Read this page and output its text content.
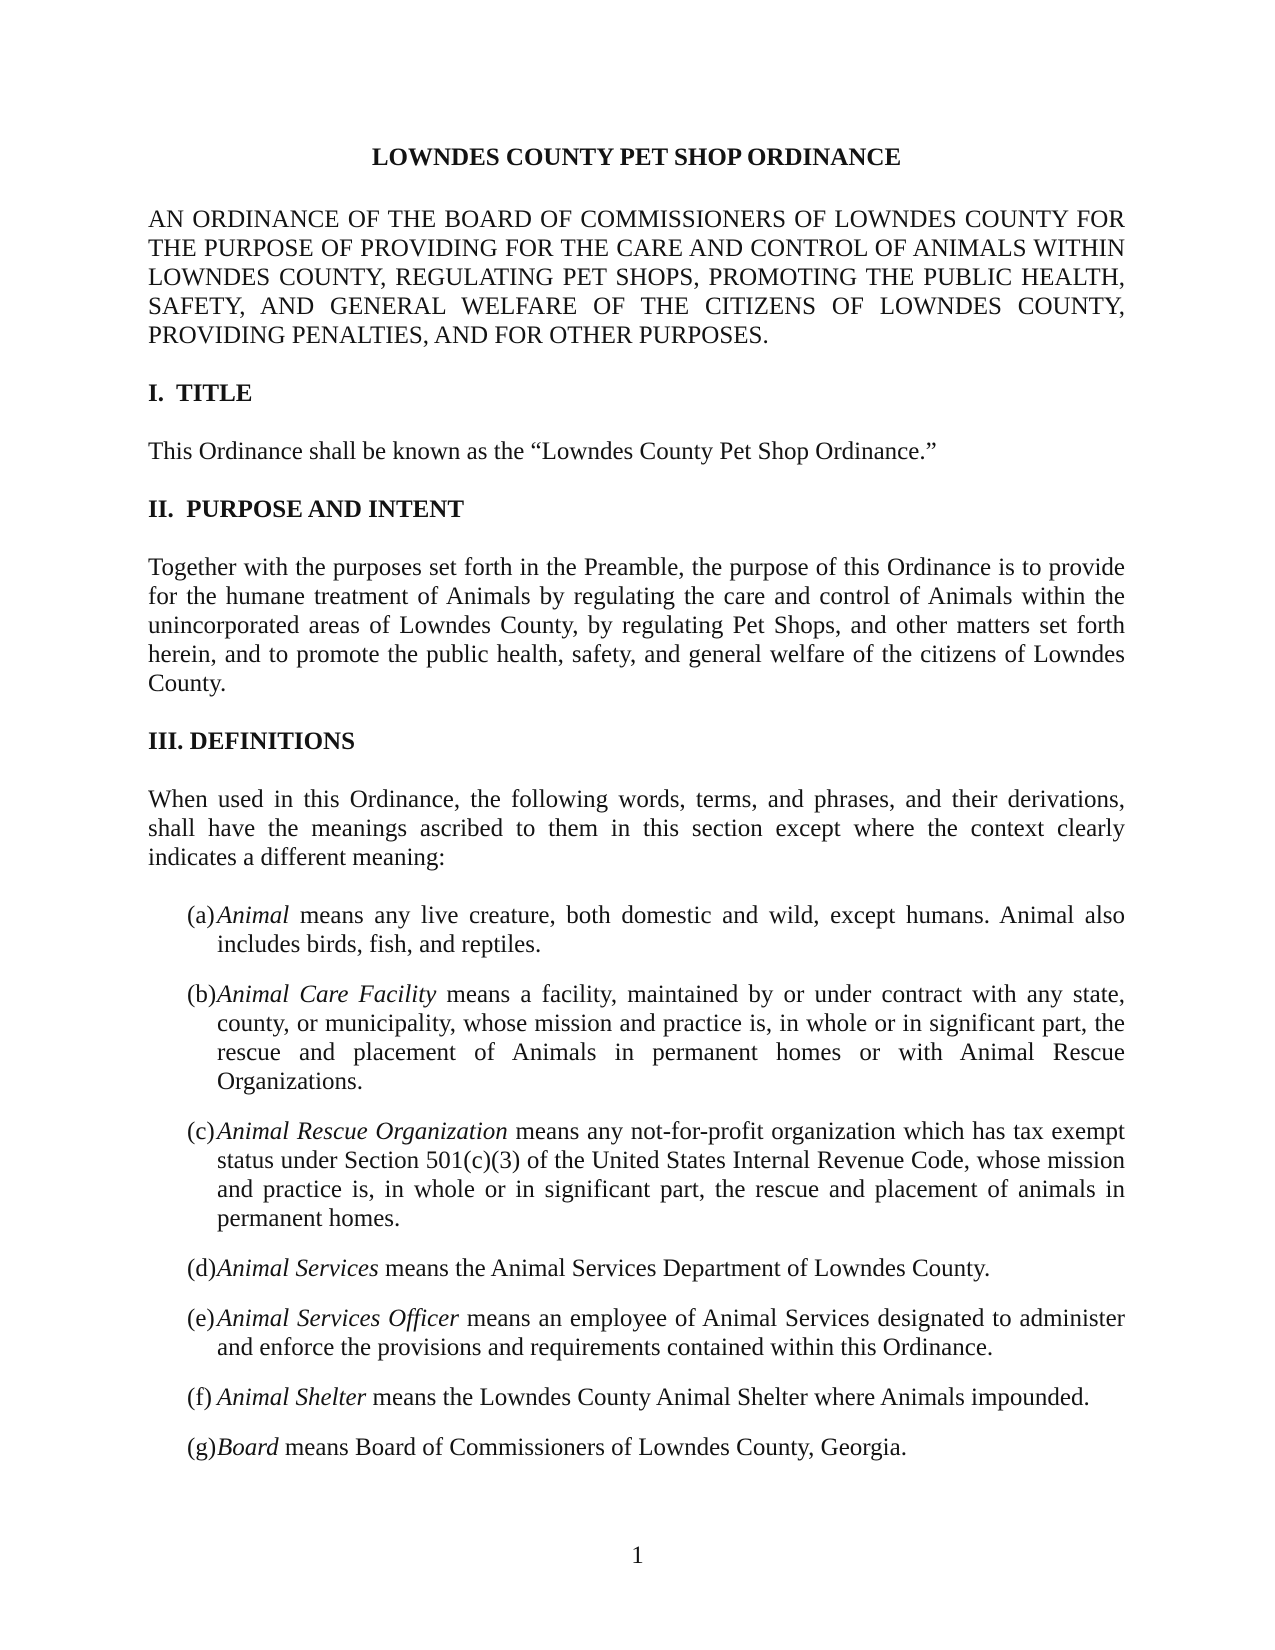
LOWNDES COUNTY PET SHOP ORDINANCE

AN ORDINANCE OF THE BOARD OF COMMISSIONERS OF LOWNDES COUNTY FOR THE PURPOSE OF PROVIDING FOR THE CARE AND CONTROL OF ANIMALS WITHIN LOWNDES COUNTY, REGULATING PET SHOPS, PROMOTING THE PUBLIC HEALTH, SAFETY, AND GENERAL WELFARE OF THE CITIZENS OF LOWNDES COUNTY, PROVIDING PENALTIES, AND FOR OTHER PURPOSES.

I.  TITLE

This Ordinance shall be known as the “Lowndes County Pet Shop Ordinance.”

II.  PURPOSE AND INTENT

Together with the purposes set forth in the Preamble, the purpose of this Ordinance is to provide for the humane treatment of Animals by regulating the care and control of Animals within the unincorporated areas of Lowndes County, by regulating Pet Shops, and other matters set forth herein, and to promote the public health, safety, and general welfare of the citizens of Lowndes County.

III. DEFINITIONS

When used in this Ordinance, the following words, terms, and phrases, and their derivations, shall have the meanings ascribed to them in this section except where the context clearly indicates a different meaning:

(a) Animal means any live creature, both domestic and wild, except humans. Animal also includes birds, fish, and reptiles.
(b) Animal Care Facility means a facility, maintained by or under contract with any state, county, or municipality, whose mission and practice is, in whole or in significant part, the rescue and placement of Animals in permanent homes or with Animal Rescue Organizations.
(c) Animal Rescue Organization means any not-for-profit organization which has tax exempt status under Section 501(c)(3) of the United States Internal Revenue Code, whose mission and practice is, in whole or in significant part, the rescue and placement of animals in permanent homes.
(d) Animal Services means the Animal Services Department of Lowndes County.
(e) Animal Services Officer means an employee of Animal Services designated to administer and enforce the provisions and requirements contained within this Ordinance.
(f) Animal Shelter means the Lowndes County Animal Shelter where Animals impounded.
(g) Board means Board of Commissioners of Lowndes County, Georgia.
1
